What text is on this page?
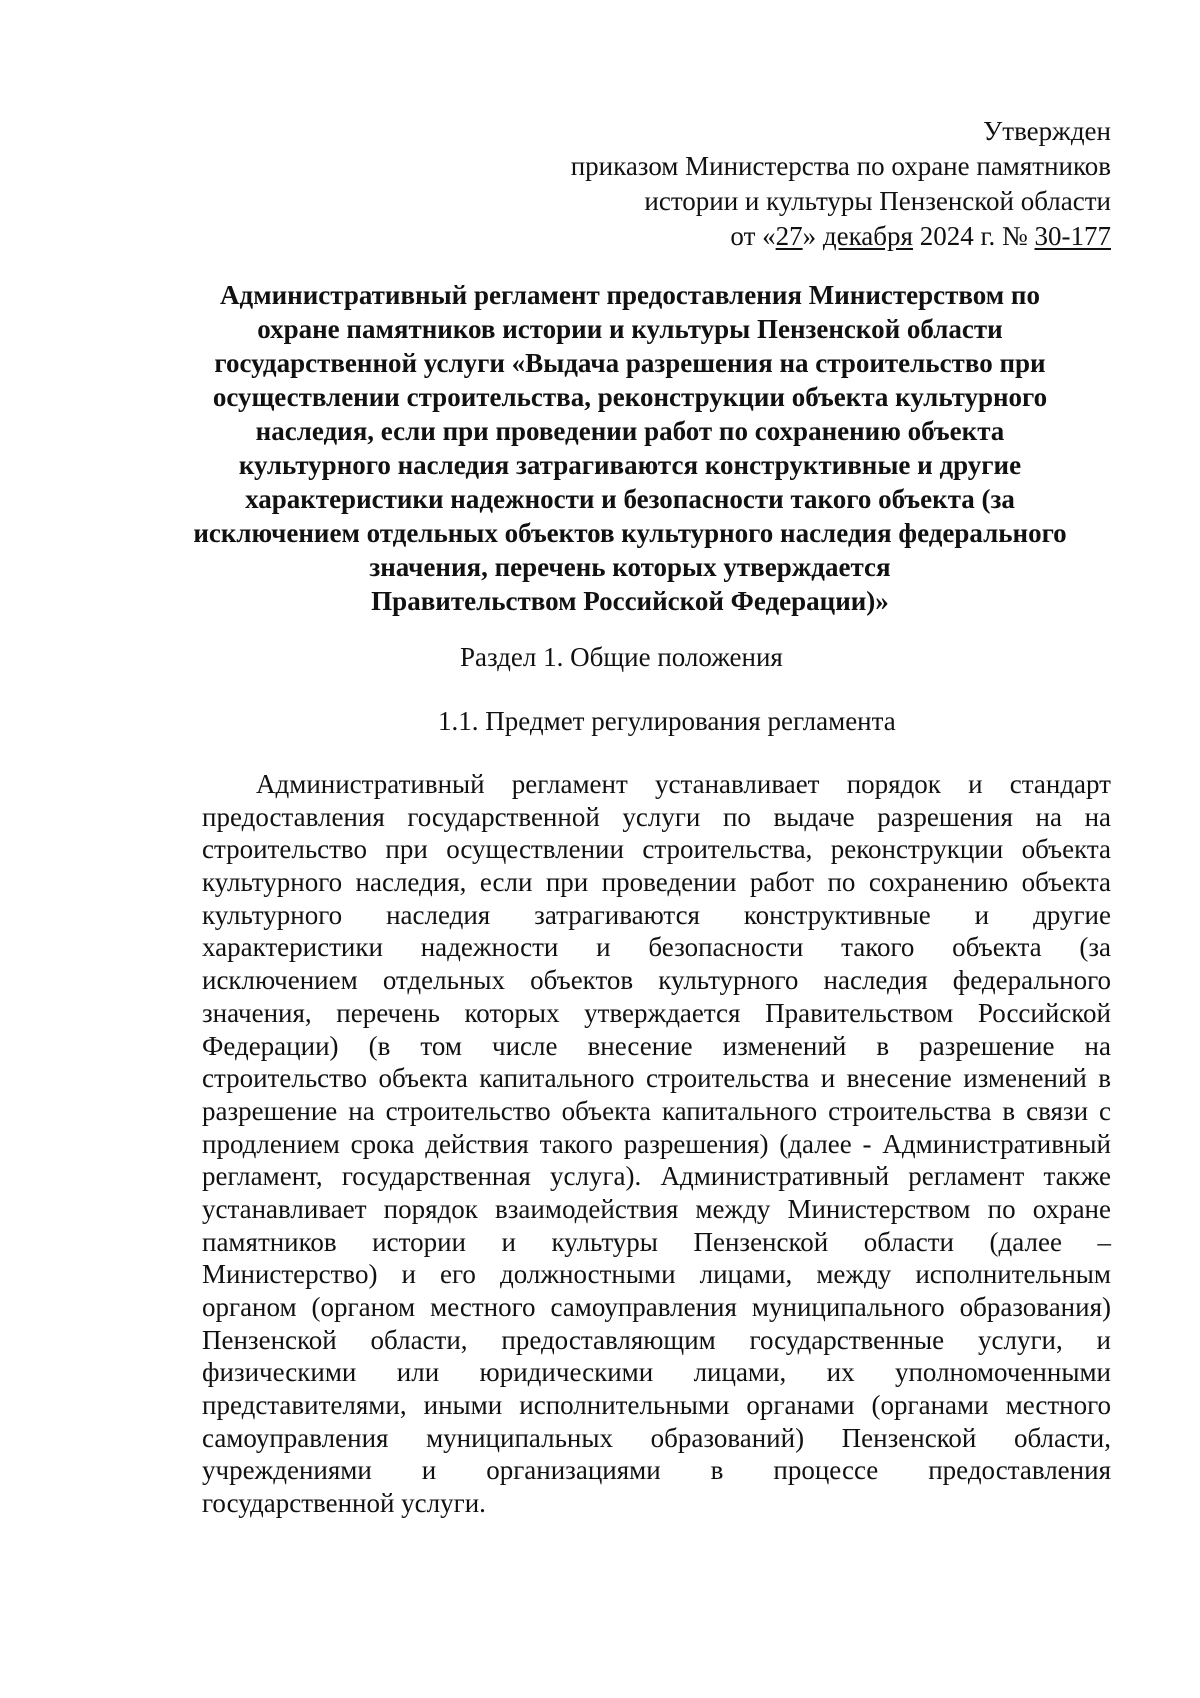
Утвержден
приказом Министерства по охране памятников
истории и культуры Пензенской области
от «27» декабря 2024 г. № 30-177
Административный регламент предоставления Министерством по
охране памятников истории и культуры Пензенской области
государственной услуги «Выдача разрешения на строительство при
осуществлении строительства, реконструкции объекта культурного
наследия, если при проведении работ по сохранению объекта
культурного наследия затрагиваются конструктивные и другие
характеристики надежности и безопасности такого объекта (за
исключением отдельных объектов культурного наследия федерального
значения, перечень которых утверждается
Правительством Российской Федерации)»
Раздел 1. Общие положения
1.1. Предмет регулирования регламента
Административный регламент устанавливает порядок и стандарт
предоставления государственной услуги по выдаче разрешения на на
строительство при осуществлении строительства, реконструкции объекта
культурного наследия, если при проведении работ по сохранению объекта
культурного наследия затрагиваются конструктивные и другие
характеристики надежности и безопасности такого объекта (за
исключением отдельных объектов культурного наследия федерального
значения, перечень которых утверждается Правительством Российской
Федерации) (в том числе внесение изменений в разрешение на
строительство объекта капитального строительства и внесение изменений в
разрешение на строительство объекта капитального строительства в связи с
продлением срока действия такого разрешения) (далее - Административный
регламент, государственная услуга). Административный регламент также
устанавливает порядок взаимодействия между Министерством по охране
памятников истории и культуры Пензенской области (далее –
Министерство) и его должностными лицами, между исполнительным
органом (органом местного самоуправления муниципального образования)
Пензенской области, предоставляющим государственные услуги, и
физическими или юридическими лицами, их уполномоченными
представителями, иными исполнительными органами (органами местного
самоуправления муниципальных образований) Пензенской области,
учреждениями и организациями в процессе предоставления
государственной услуги.
